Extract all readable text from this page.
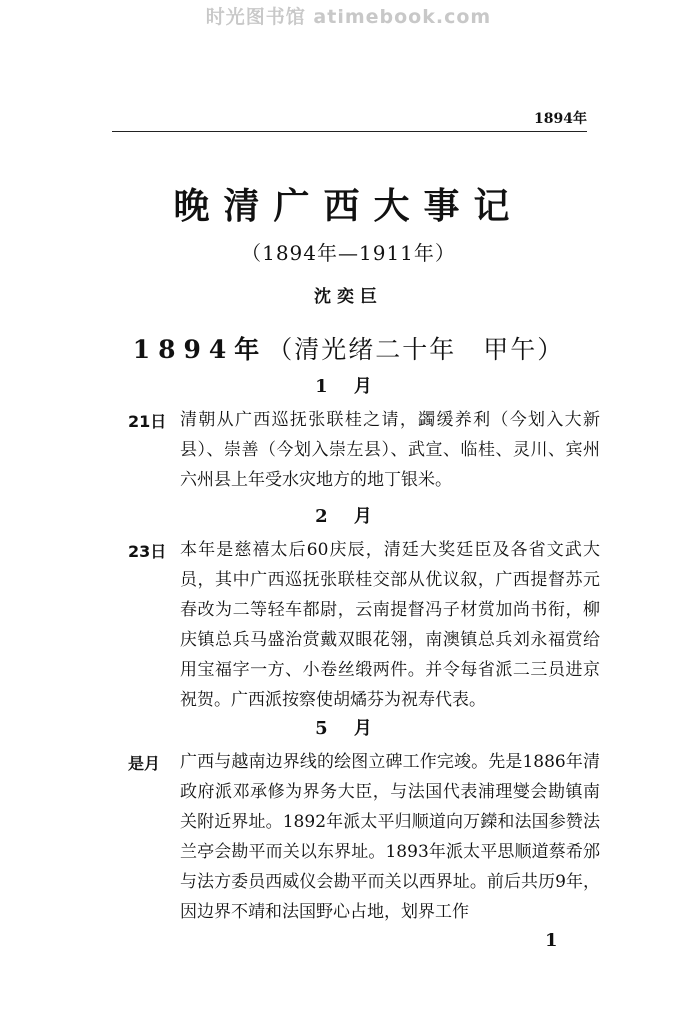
时光图书馆 atimebook.com
1894年
晚清广西大事记
（1894年—1911年）
沈奕巨
1894年（清光绪二十年　甲午）
1 月
21日 清朝从广西巡抚张联桂之请，蠲缓养利（今划入大新县）、崇善（今划入崇左县）、武宣、临桂、灵川、宾州六州县上年受水灾地方的地丁银米。
2 月
23日 本年是慈禧太后60庆辰，清廷大奖廷臣及各省文武大员，其中广西巡抚张联桂交部从优议叙，广西提督苏元春改为二等轻车都尉，云南提督冯子材赏加尚书衔，柳庆镇总兵马盛治赏戴双眼花翎，南澳镇总兵刘永福赏给用宝福字一方、小卷丝缎两件。并令每省派二三员进京祝贺。广西派按察使胡燏芬为祝寿代表。
5 月
是月 广西与越南边界线的绘图立碑工作完竣。先是1886年清政府派邓承修为界务大臣，与法国代表浦理燮会勘镇南关附近界址。1892年派太平归顺道向万鑅和法国参赞法兰亭会勘平而关以东界址。1893年派太平思顺道蔡希邠与法方委员西威仪会勘平而关以西界址。前后共历9年，因边界不靖和法国野心占地，划界工作
1
